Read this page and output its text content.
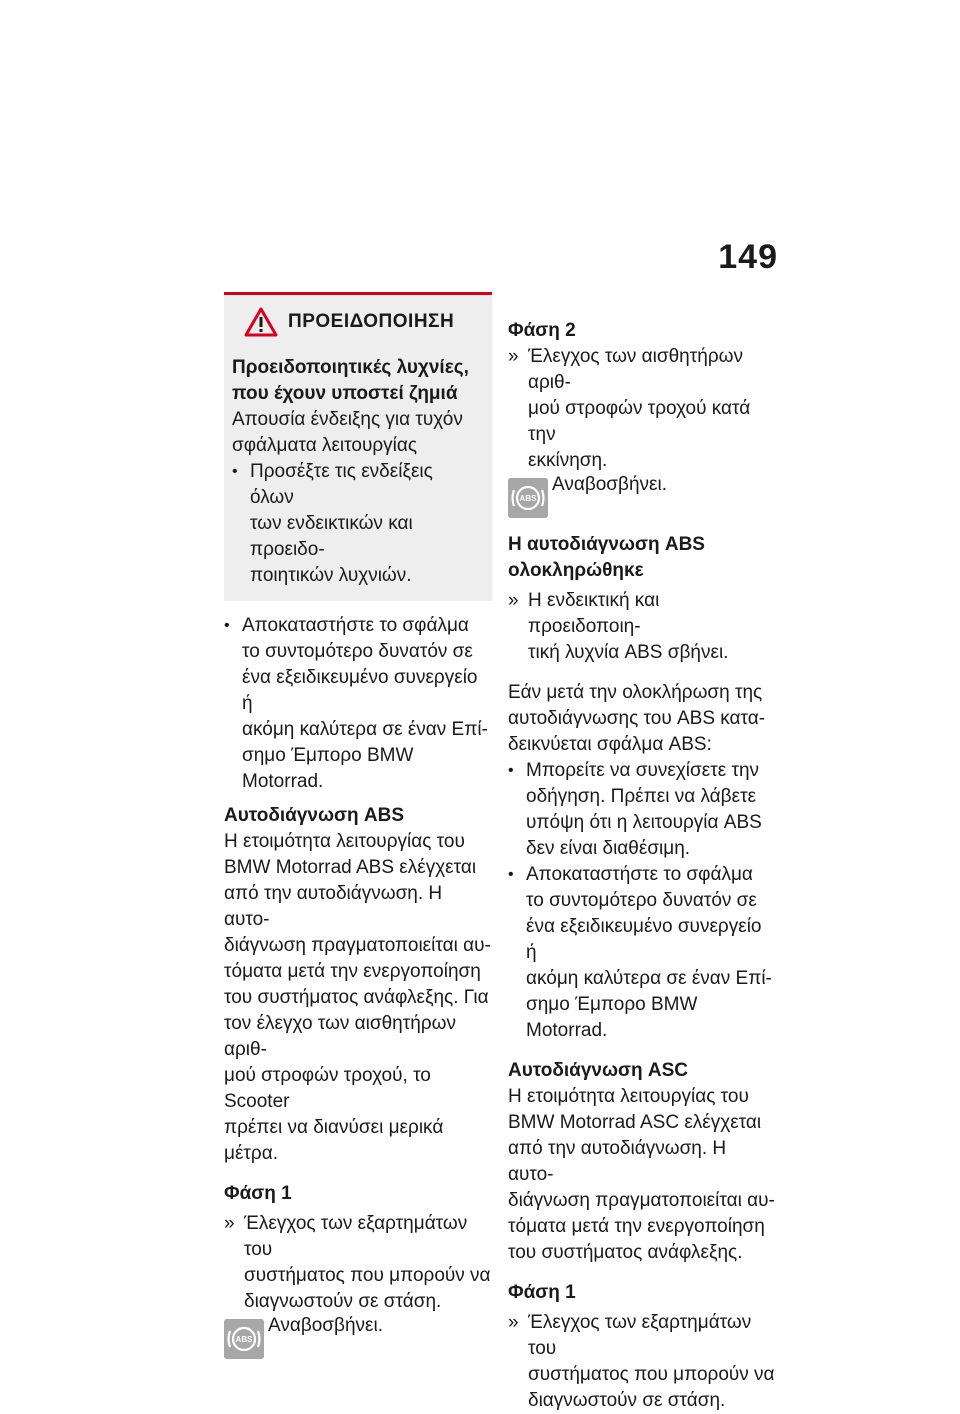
149
ΠΡΟΕΙΔΟΠΟΙΗΣΗ
Προειδοποιητικές λυχνίες,
που έχουν υποστεί ζημιά
Απουσία ένδειξης για τυχόν
σφάλματα λειτουργίας
• Προσέξτε τις ενδείξεις όλων
των ενδεικτικών και προειδο-
ποιητικών λυχνιών.
• Αποκαταστήστε το σφάλμα
το συντομότερο δυνατόν σε
ένα εξειδικευμένο συνεργείο ή
ακόμη καλύτερα σε έναν Επί-
σημο Έμπορο BMW Motorrad.
Αυτοδιάγνωση ABS
Η ετοιμότητα λειτουργίας του
BMW Motorrad ABS ελέγχεται
από την αυτοδιάγνωση. Η αυτο-
διάγνωση πραγματοποιείται αυ-
τόματα μετά την ενεργοποίηση
του συστήματος ανάφλεξης. Για
τον έλεγχο των αισθητήρων αριθ-
μού στροφών τροχού, το Scooter
πρέπει να διανύσει μερικά μέτρα.
Φάση 1
» Έλεγχος των εξαρτημάτων του
συστήματος που μπορούν να
διαγνωστούν σε στάση.
ABS
Αναβοσβήνει.
Φάση 2
» Έλεγχος των αισθητήρων αριθ-
μού στροφών τροχού κατά την
εκκίνηση.
ABS
Αναβοσβήνει.
Η αυτοδιάγνωση ABS
ολοκληρώθηκε
» Η ενδεικτική και προειδοποιη-
τική λυχνία ABS σβήνει.
Εάν μετά την ολοκλήρωση της
αυτοδιάγνωσης του ABS κατα-
δεικνύεται σφάλμα ABS:
• Μπορείτε να συνεχίσετε την
οδήγηση. Πρέπει να λάβετε
υπόψη ότι η λειτουργία ABS
δεν είναι διαθέσιμη.
• Αποκαταστήστε το σφάλμα
το συντομότερο δυνατόν σε
ένα εξειδικευμένο συνεργείο ή
ακόμη καλύτερα σε έναν Επί-
σημο Έμπορο BMW Motorrad.
Αυτοδιάγνωση ASC
Η ετοιμότητα λειτουργίας του
BMW Motorrad ASC ελέγχεται
από την αυτοδιάγνωση. Η αυτο-
διάγνωση πραγματοποιείται αυ-
τόματα μετά την ενεργοποίηση
του συστήματος ανάφλεξης.
Φάση 1
» Έλεγχος των εξαρτημάτων του
συστήματος που μπορούν να
διαγνωστούν σε στάση.
